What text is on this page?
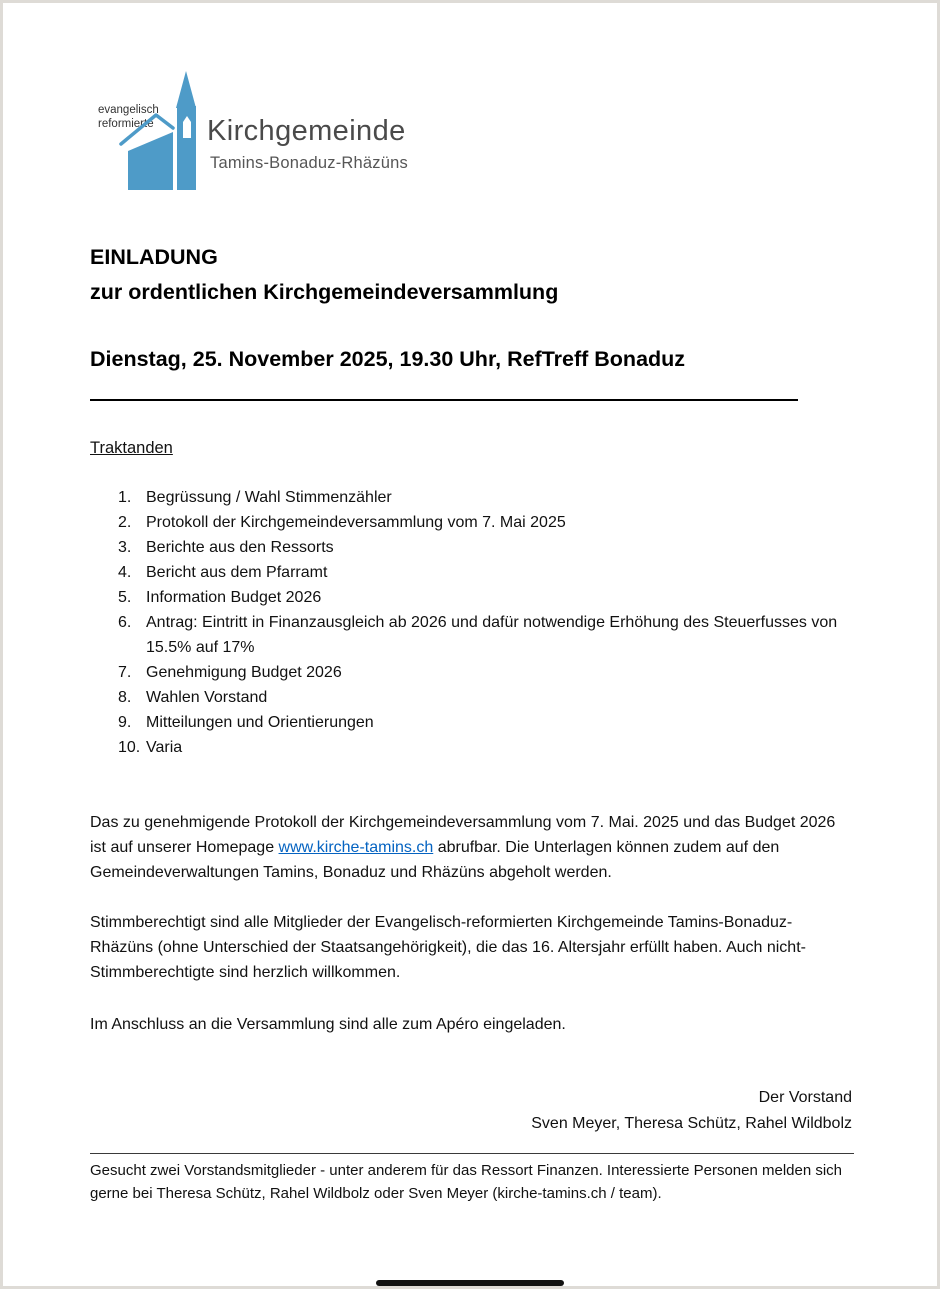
evangelisch
reformierte Kirchgemeinde
Tamins-Bonaduz-Rhäzüns
EINLADUNG
zur ordentlichen Kirchgemeindeversammlung
Dienstag, 25. November 2025, 19.30 Uhr, RefTreff Bonaduz
Traktanden
1. Begrüssung / Wahl Stimmenzähler
2. Protokoll der Kirchgemeindeversammlung vom 7. Mai 2025
3. Berichte aus den Ressorts
4. Bericht aus dem Pfarramt
5. Information Budget 2026
6. Antrag: Eintritt in Finanzausgleich ab 2026 und dafür notwendige Erhöhung des Steuerfusses von 15.5% auf 17%
7. Genehmigung Budget 2026
8. Wahlen Vorstand
9. Mitteilungen und Orientierungen
10. Varia

Das zu genehmigende Protokoll der Kirchgemeindeversammlung vom 7. Mai. 2025 und das Budget 2026 ist auf unserer Homepage www.kirche-tamins.ch abrufbar. Die Unterlagen können zudem auf den Gemeindeverwaltungen Tamins, Bonaduz und Rhäzüns abgeholt werden.

Stimmberechtigt sind alle Mitglieder der Evangelisch-reformierten Kirchgemeinde Tamins-Bonaduz-Rhäzüns (ohne Unterschied der Staatsangehörigkeit), die das 16. Altersjahr erfüllt haben. Auch nicht-Stimmberechtigte sind herzlich willkommen.

Im Anschluss an die Versammlung sind alle zum Apéro eingeladen.

Der Vorstand
Sven Meyer, Theresa Schütz, Rahel Wildbolz

Gesucht zwei Vorstandsmitglieder - unter anderem für das Ressort Finanzen. Interessierte Personen melden sich gerne bei Theresa Schütz, Rahel Wildbolz oder Sven Meyer (kirche-tamins.ch / team).
